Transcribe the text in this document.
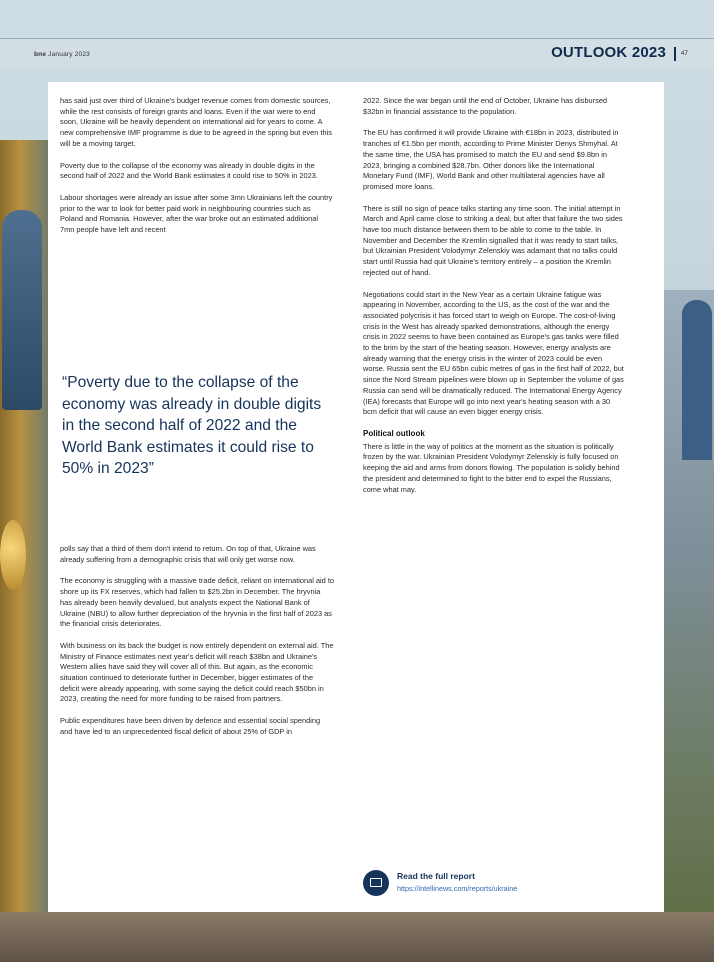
bne January 2023	OUTLOOK 2023 47

has said just over third of Ukraine's budget revenue comes from domestic sources, while the rest consists of foreign grants and loans. Even if the war were to end soon, Ukraine will be heavily dependent on international aid for years to come. A new comprehensive IMF programme is due to be agreed in the spring but even this will be a moving target.

Poverty due to the collapse of the economy was already in double digits in the second half of 2022 and the World Bank estimates it could rise to 50% in 2023.

Labour shortages were already an issue after some 3mn Ukrainians left the country prior to the war to look for better paid work in neighbouring countries such as Poland and Romania. However, after the war broke out an estimated additional 7mn people have left and recent

“Poverty due to the collapse of the economy was already in double digits in the second half of 2022 and the World Bank estimates it could rise to 50% in 2023”

polls say that a third of them don't intend to return. On top of that, Ukraine was already suffering from a demographic crisis that will only get worse now.

The economy is struggling with a massive trade deficit, reliant on international aid to shore up its FX reserves, which had fallen to $25.2bn in December. The hryvnia has already been heavily devalued, but analysts expect the National Bank of Ukraine (NBU) to allow further depreciation of the hryvnia in the first half of 2023 as the financial crisis deteriorates.

With business on its back the budget is now entirely dependent on external aid. The Ministry of Finance estimates next year's deficit will reach $38bn and Ukraine's Western allies have said they will cover all of this. But again, as the economic situation continued to deteriorate further in December, bigger estimates of the deficit were already appearing, with some saying the deficit could reach $50bn in 2023, creating the need for more funding to be raised from partners.

Public expenditures have been driven by defence and essential social spending and have led to an unprecedented fiscal deficit of about 25% of GDP in

2022. Since the war began until the end of October, Ukraine has disbursed $32bn in financial assistance to the population.

The EU has confirmed it will provide Ukraine with €18bn in 2023, distributed in tranches of €1.5bn per month, according to Prime Minister Denys Shmyhal. At the same time, the USA has promised to match the EU and send $9.8bn in 2023, bringing a combined $28.7bn. Other donors like the International Monetary Fund (IMF), World Bank and other multilateral agencies have all promised more loans.

There is still no sign of peace talks starting any time soon. The initial attempt in March and April came close to striking a deal, but after that failure the two sides have too much distance between them to be able to come to the table. In November and December the Kremlin signalled that it was ready to start talks, but Ukrainian President Volodymyr Zelenskiy was adamant that no talks could start until Russia had quit Ukraine's territory entirely – a position the Kremlin rejected out of hand.

Negotiations could start in the New Year as a certain Ukraine fatigue was appearing in November, according to the US, as the cost of the war and the associated polycrisis it has forced start to weigh on Europe. The cost-of-living crisis in the West has already sparked demonstrations, although the energy crisis in 2022 seems to have been contained as Europe's gas tanks were filled to the brim by the start of the heating season. However, energy analysts are already warning that the energy crisis in the winter of 2023 could be even worse. Russia sent the EU 65bn cubic metres of gas in the first half of 2022, but since the Nord Stream pipelines were blown up in September the volume of gas Russia can send will be dramatically reduced. The International Energy Agency (IEA) forecasts that Europe will go into next year's heating season with a 30 bcm deficit that will cause an even bigger energy crisis.

Political outlook

There is little in the way of politics at the moment as the situation is politically frozen by the war. Ukrainian President Volodymyr Zelenskiy is fully focused on keeping the aid and arms from donors flowing. The population is solidly behind the president and determined to fight to the bitter end to expel the Russians, come what may.

Read the full report
https://intellinews.com/reports/ukraine
